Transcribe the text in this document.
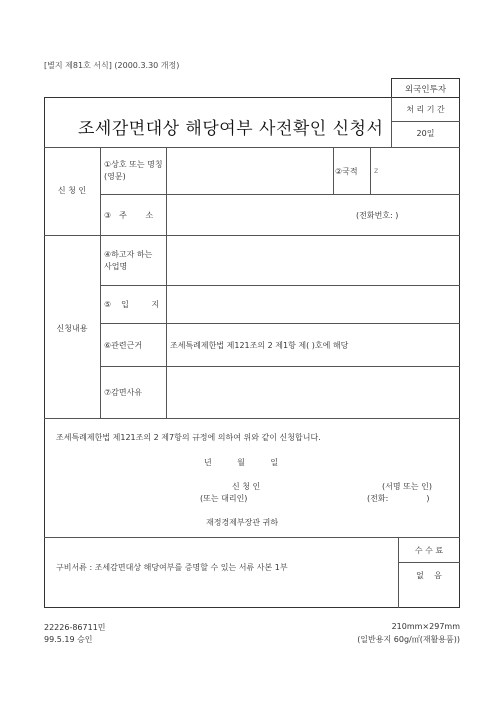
[별지 제81호 서식] (2000.3.30 개정)
외국인투자
처 리 기 간
20일
조세감면대상 해당여부 사전확인 신청서
신 청 인
①상호 또는 명칭
(영문)
②국적 z
③주 소	(전화번호: )
신청내용
④하고자 하는
사업명
⑤입 지
⑥관련근거	조세특례제한법 제121조의 2 제1항 제( )호에 해당
⑦감면사유
조세특례제한법 제121조의 2 제7항의 규정에 의하여 위와 같이 신청합니다.
년          월          일
신 청 인	(서명 또는 인)
(또는 대리인)	(전화:               )
재정경제부장관 귀하
구비서류 : 조세감면대상 해당여부를 증명할 수 있는 서류 사본 1부
수 수 료
없    음
22226-86711민
99.5.19 승인
210mm×297mm
(일반용지 60g/㎡(재활용품))
